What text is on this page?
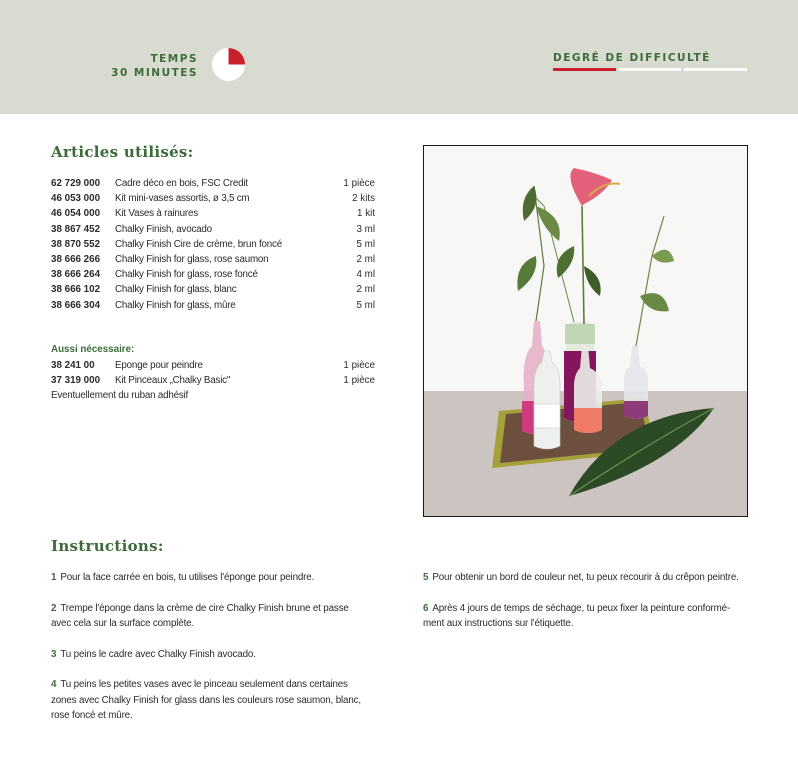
TEMPS
30 MINUTES
DEGRÉ DE DIFFICULTÉ
Articles utilisés:
62 729 000	Cadre déco en bois, FSC Credit	1 pièce
46 053 000	Kit mini-vases assortis, ø 3,5 cm	2 kits
46 054 000	Kit Vases à rainures	1 kit
38 867 452	Chalky Finish, avocado	3 ml
38 870 552	Chalky Finish Cire de crème, brun foncé	5 ml
38 666 266	Chalky Finish for glass, rose saumon	2 ml
38 666 264	Chalky Finish for glass, rose foncé	4 ml
38 666 102	Chalky Finish for glass, blanc	2 ml
38 666 304	Chalky Finish for glass, mûre	5 ml
Aussi nécessaire:
38 241 00	Eponge pour peindre	1 pièce
37 319 000	Kit Pinceaux „Chalky Basic"	1 pièce
Eventuellement du ruban adhésif
Instructions:

1 Pour la face carrée en bois, tu utilises l'éponge pour peindre.

2 Trempe l'éponge dans la crème de cire Chalky Finish brune et passe avec cela sur la surface complète.

3 Tu peins le cadre avec Chalky Finish avocado.

4 Tu peins les petites vases avec le pinceau seulement dans certaines zones avec Chalky Finish for glass dans les couleurs rose saumon, blanc, rose foncé et mûre.

5 Pour obtenir un bord de couleur net, tu peux recourir à du crêpon peintre.

6 Après 4 jours de temps de séchage, tu peux fixer la peinture conformément aux instructions sur l'étiquette.
